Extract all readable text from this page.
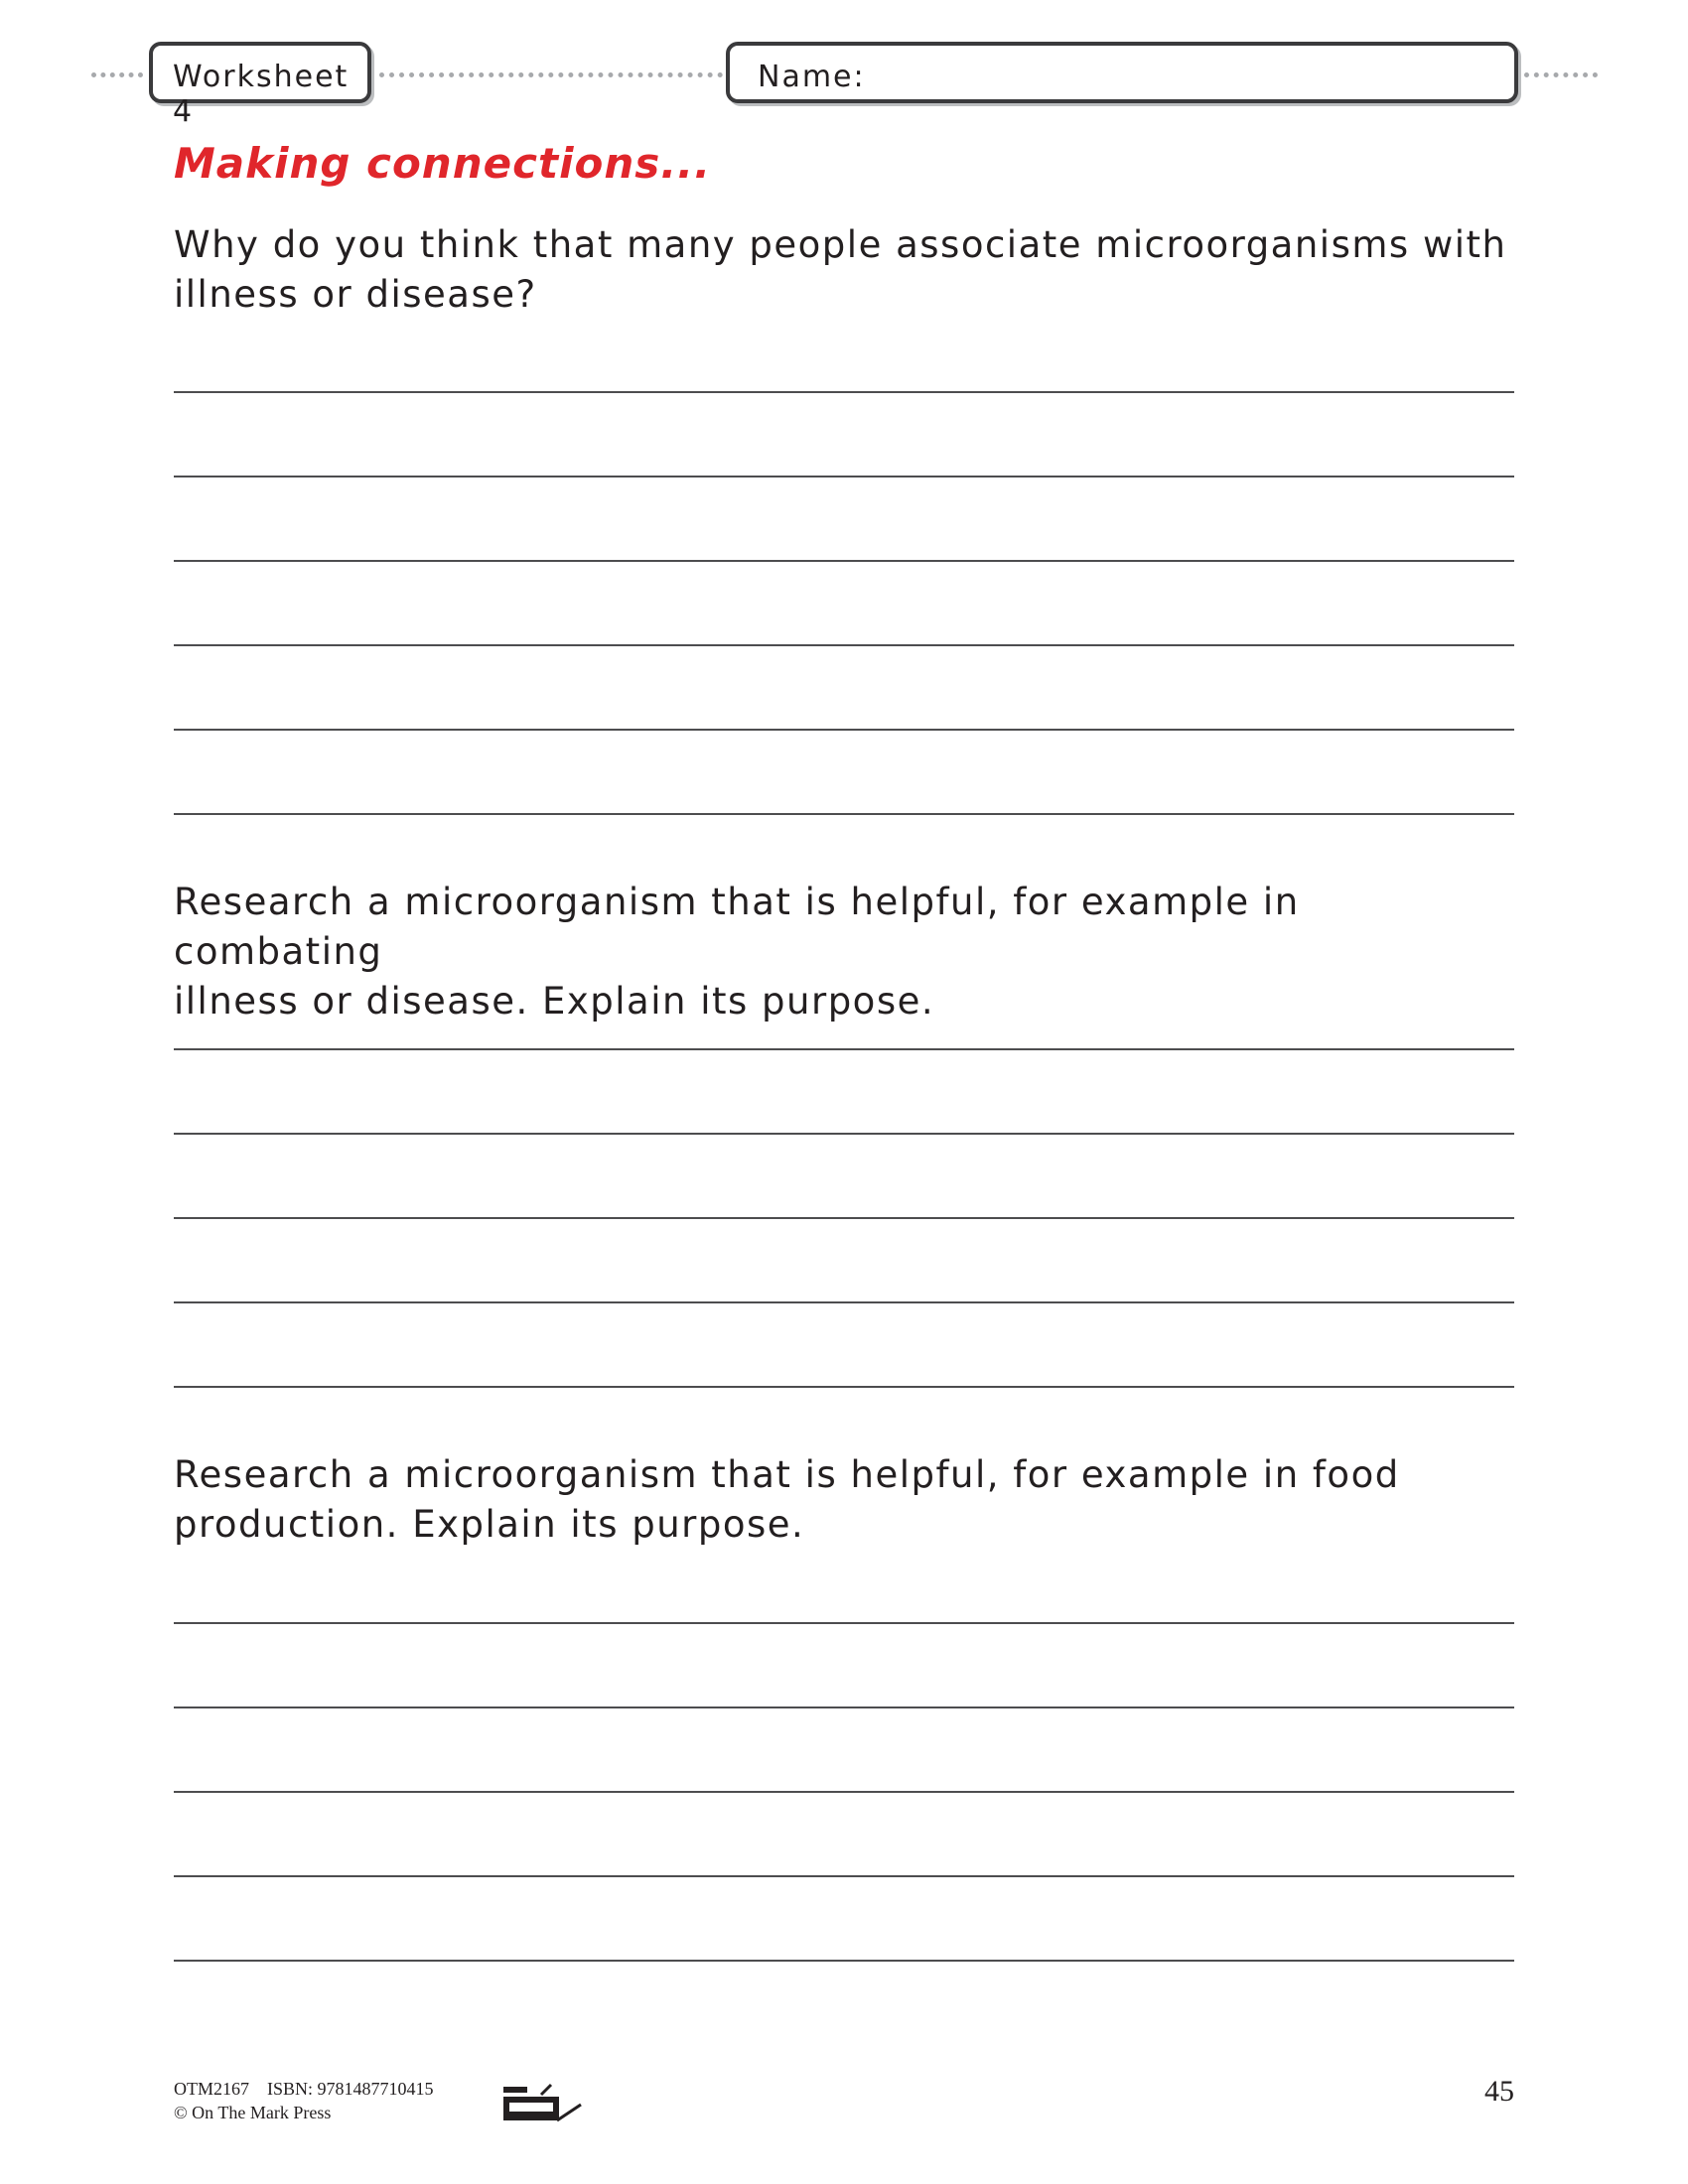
Worksheet 4
Name:
Making connections...

Why do you think that many people associate microorganisms with
illness or disease?

Research a microorganism that is helpful, for example in combating
illness or disease. Explain its purpose.

Research a microorganism that is helpful, for example in food
production. Explain its purpose.

OTM2167 ISBN: 9781487710415
© On The Mark Press
45
